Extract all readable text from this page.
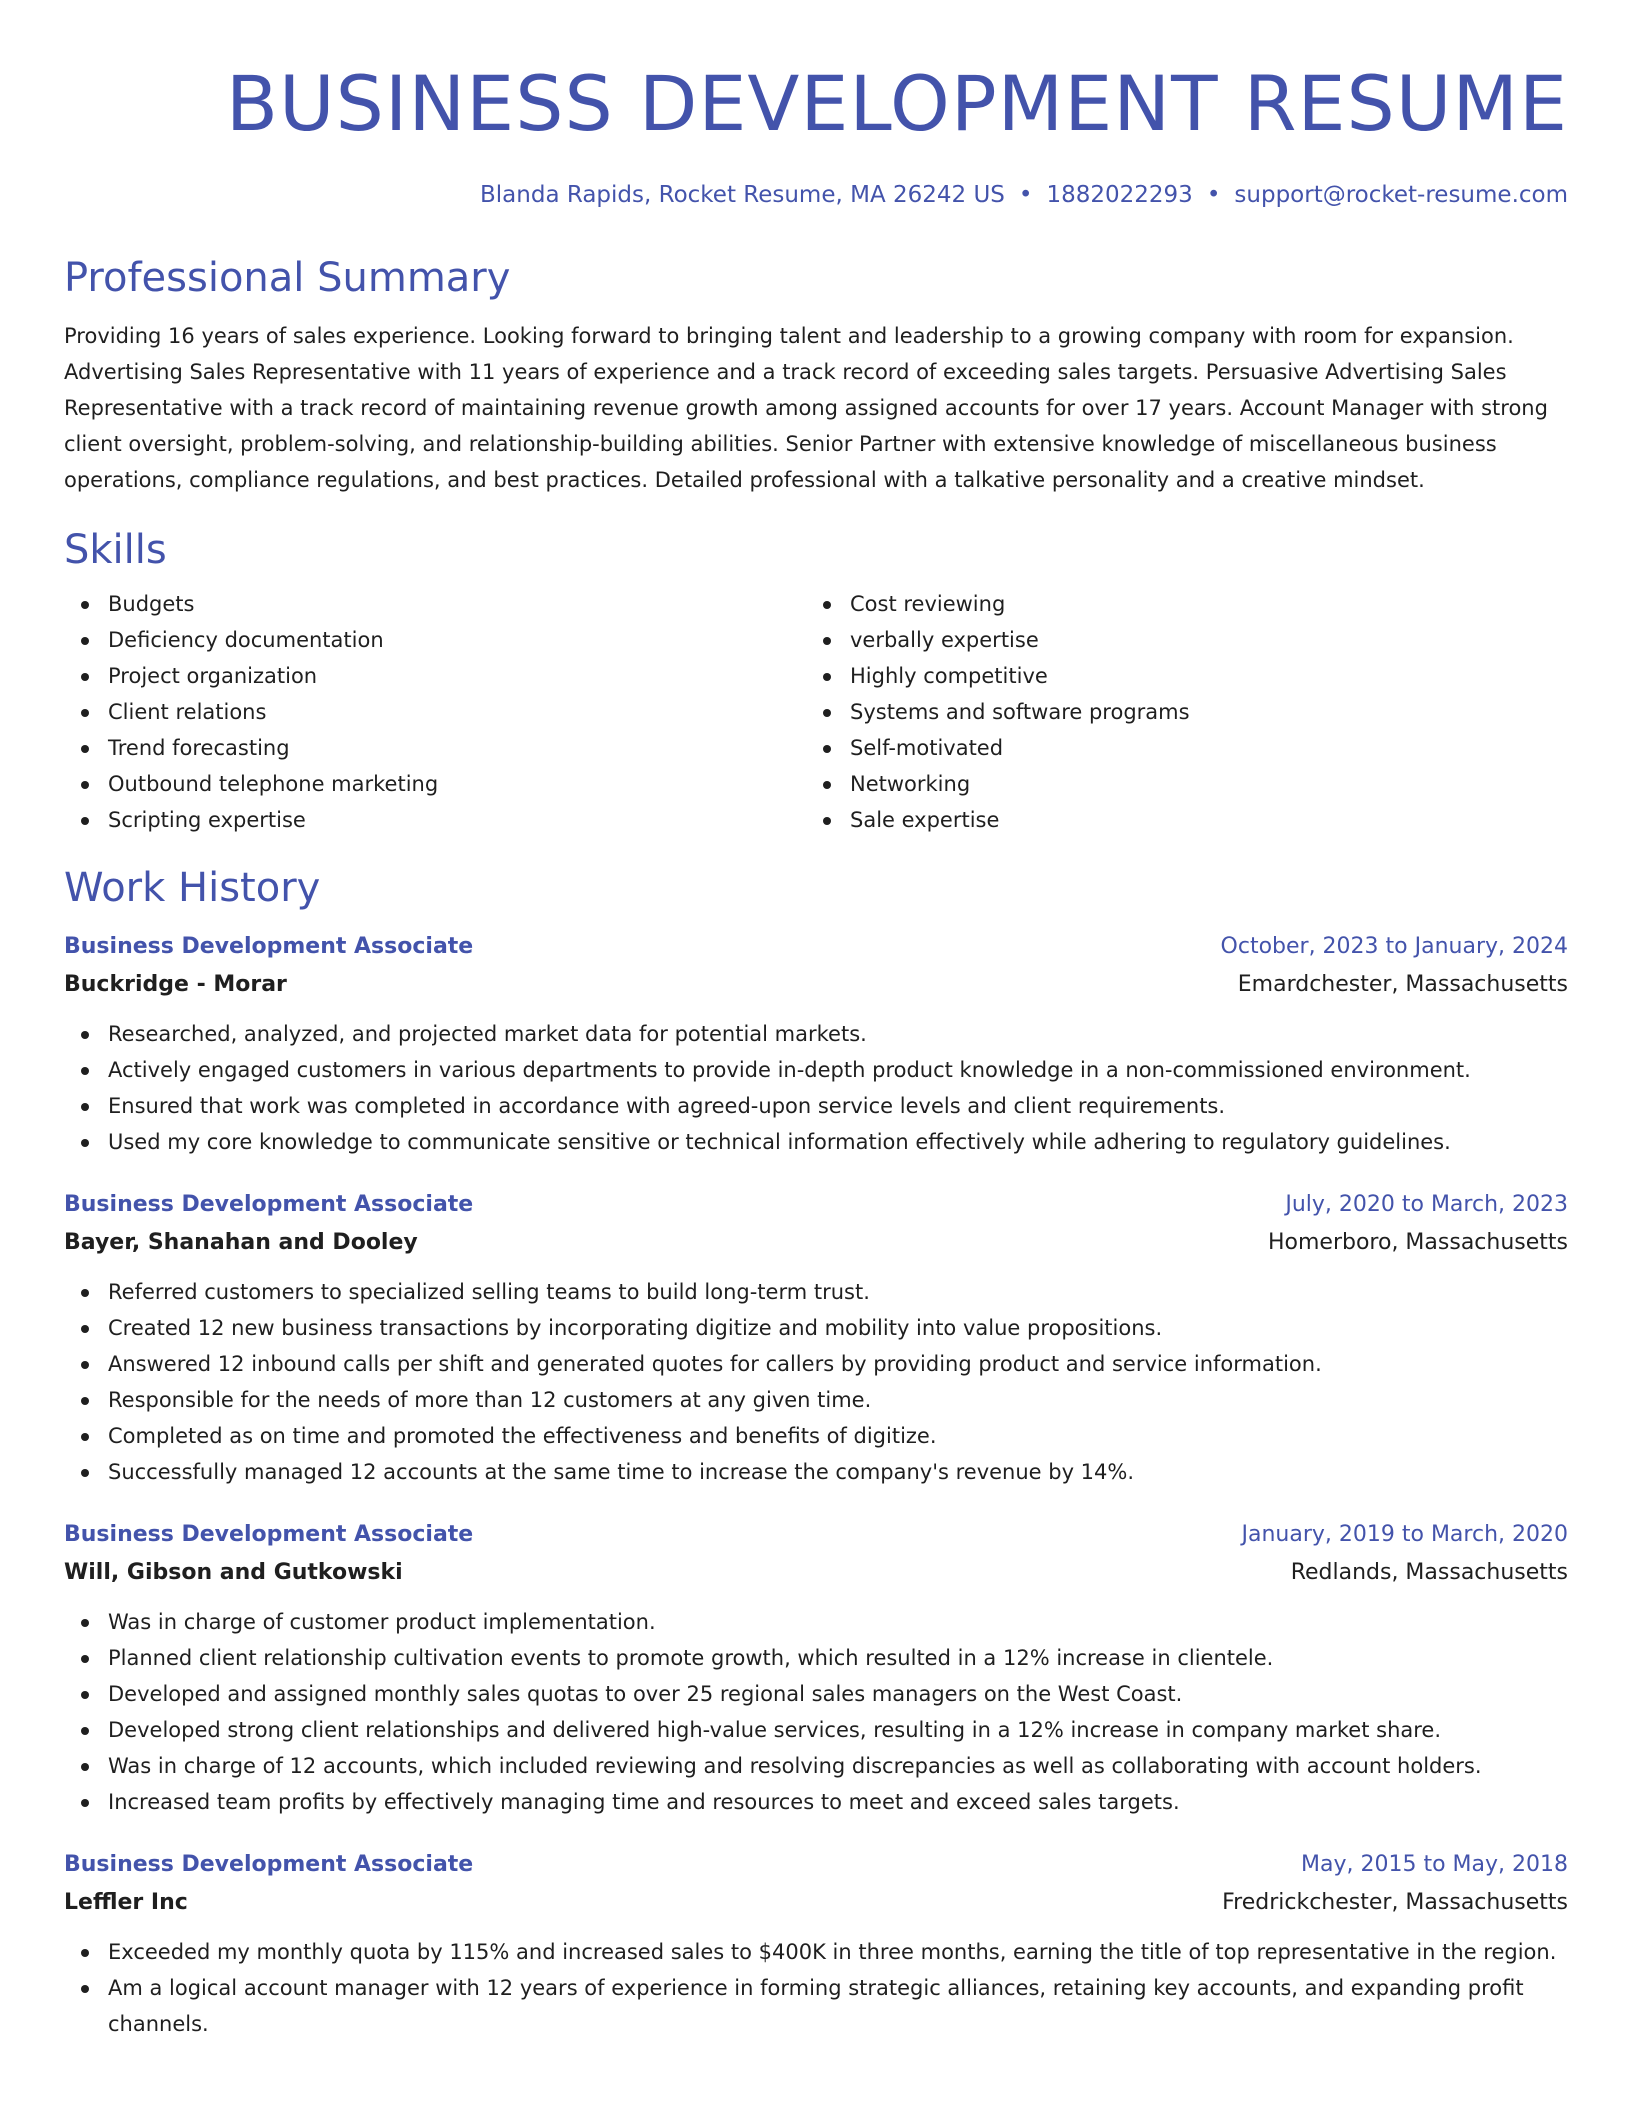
BUSINESS DEVELOPMENT RESUME
Blanda Rapids, Rocket Resume, MA 26242 US • 1882022293 • support@rocket-resume.com
Professional Summary
Providing 16 years of sales experience. Looking forward to bringing talent and leadership to a growing company with room for expansion. Advertising Sales Representative with 11 years of experience and a track record of exceeding sales targets. Persuasive Advertising Sales Representative with a track record of maintaining revenue growth among assigned accounts for over 17 years. Account Manager with strong client oversight, problem-solving, and relationship-building abilities. Senior Partner with extensive knowledge of miscellaneous business operations, compliance regulations, and best practices. Detailed professional with a talkative personality and a creative mindset.
Skills
Budgets
Deficiency documentation
Project organization
Client relations
Trend forecasting
Outbound telephone marketing
Scripting expertise
Cost reviewing
verbally expertise
Highly competitive
Systems and software programs
Self-motivated
Networking
Sale expertise
Work History
Business Development Associate	October, 2023 to January, 2024
Buckridge - Morar	Emardchester, Massachusetts
Researched, analyzed, and projected market data for potential markets.
Actively engaged customers in various departments to provide in-depth product knowledge in a non-commissioned environment.
Ensured that work was completed in accordance with agreed-upon service levels and client requirements.
Used my core knowledge to communicate sensitive or technical information effectively while adhering to regulatory guidelines.
Business Development Associate	July, 2020 to March, 2023
Bayer, Shanahan and Dooley	Homerboro, Massachusetts
Referred customers to specialized selling teams to build long-term trust.
Created 12 new business transactions by incorporating digitize and mobility into value propositions.
Answered 12 inbound calls per shift and generated quotes for callers by providing product and service information.
Responsible for the needs of more than 12 customers at any given time.
Completed as on time and promoted the effectiveness and benefits of digitize.
Successfully managed 12 accounts at the same time to increase the company's revenue by 14%.
Business Development Associate	January, 2019 to March, 2020
Will, Gibson and Gutkowski	Redlands, Massachusetts
Was in charge of customer product implementation.
Planned client relationship cultivation events to promote growth, which resulted in a 12% increase in clientele.
Developed and assigned monthly sales quotas to over 25 regional sales managers on the West Coast.
Developed strong client relationships and delivered high-value services, resulting in a 12% increase in company market share.
Was in charge of 12 accounts, which included reviewing and resolving discrepancies as well as collaborating with account holders.
Increased team profits by effectively managing time and resources to meet and exceed sales targets.
Business Development Associate	May, 2015 to May, 2018
Leffler Inc	Fredrickchester, Massachusetts
Exceeded my monthly quota by 115% and increased sales to $400K in three months, earning the title of top representative in the region.
Am a logical account manager with 12 years of experience in forming strategic alliances, retaining key accounts, and expanding profit channels.
